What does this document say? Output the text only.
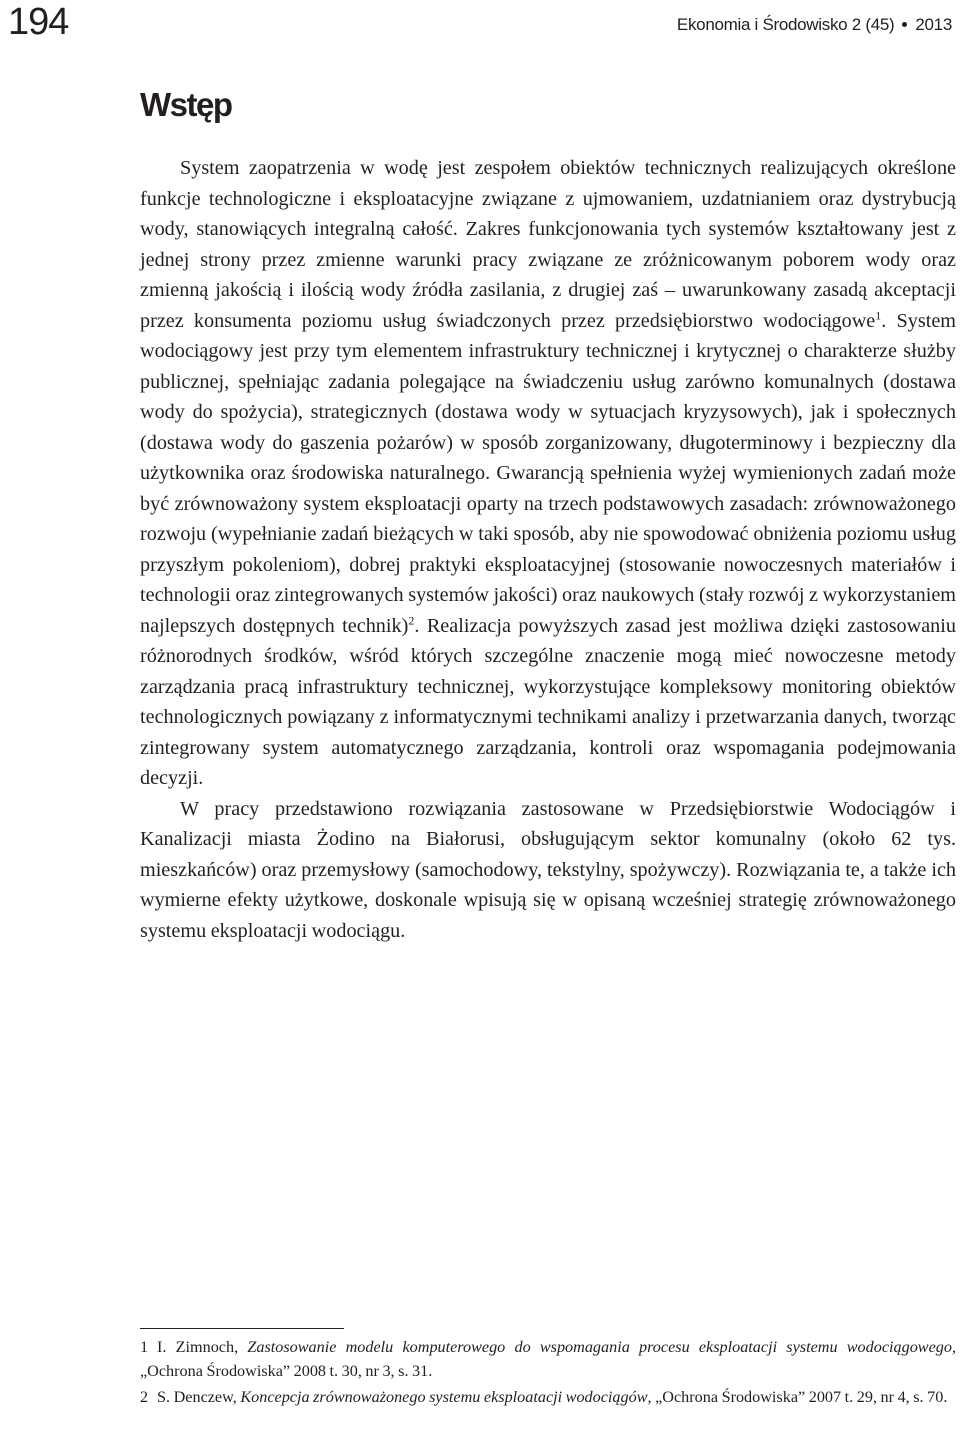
194	Ekonomia i Środowisko 2 (45) 2013
Wstęp

System zaopatrzenia w wodę jest zespołem obiektów technicznych realizujących określone funkcje technologiczne i eksploatacyjne związane z ujmowaniem, uzdatnianiem oraz dystrybucją wody, stanowiących integralną całość. Zakres funkcjonowania tych systemów kształtowany jest z jednej strony przez zmienne warunki pracy związane ze zróżnicowanym poborem wody oraz zmienną jakością i ilością wody źródła zasilania, z drugiej zaś – uwarunkowany zasadą akceptacji przez konsumenta poziomu usług świadczonych przez przedsiębiorstwo wodociągowe$^1$. System wodociągowy jest przy tym elementem infrastruktury technicznej i krytycznej o charakterze służby publicznej, spełniając zadania polegające na świadczeniu usług zarówno komunalnych (dostawa wody do spożycia), strategicznych (dostawa wody w sytuacjach kryzysowych), jak i społecznych (dostawa wody do gaszenia pożarów) w sposób zorganizowany, długoterminowy i bezpieczny dla użytkownika oraz środowiska naturalnego. Gwarancją spełnienia wyżej wymienionych zadań może być zrównoważony system eksploatacji oparty na trzech podstawowych zasadach: zrównoważonego rozwoju (wypełnianie zadań bieżących w taki sposób, aby nie spowodować obniżenia poziomu usług przyszłym pokoleniom), dobrej praktyki eksploatacyjnej (stosowanie nowoczesnych materiałów i technologii oraz zintegrowanych systemów jakości) oraz naukowych (stały rozwój z wykorzystaniem najlepszych dostępnych technik)$^2$. Realizacja powyższych zasad jest możliwa dzięki zastosowaniu różnorodnych środków, wśród których szczególne znaczenie mogą mieć nowoczesne metody zarządzania pracą infrastruktury technicznej, wykorzystujące kompleksowy monitoring obiektów technologicznych powiązany z informatycznymi technikami analizy i przetwarzania danych, tworząc zintegrowany system automatycznego zarządzania, kontroli oraz wspomagania podejmowania decyzji.

W pracy przedstawiono rozwiązania zastosowane w Przedsiębiorstwie Wodociągów i Kanalizacji miasta Żodino na Białorusi, obsługującym sektor komunalny (około 62 tys. mieszkańców) oraz przemysłowy (samochodowy, tekstylny, spożywczy). Rozwiązania te, a także ich wymierne efekty użytkowe, doskonale wpisują się w opisaną wcześniej strategię zrównoważonego systemu eksploatacji wodociągu.

1 I. Zimnoch, Zastosowanie modelu komputerowego do wspomagania procesu eksploatacji systemu wodociągowego, „Ochrona Środowiska” 2008 t. 30, nr 3, s. 31.

2 S. Denczew, Koncepcja zrównoważonego systemu eksploatacji wodociągów, „Ochrona Środowiska” 2007 t. 29, nr 4, s. 70.
